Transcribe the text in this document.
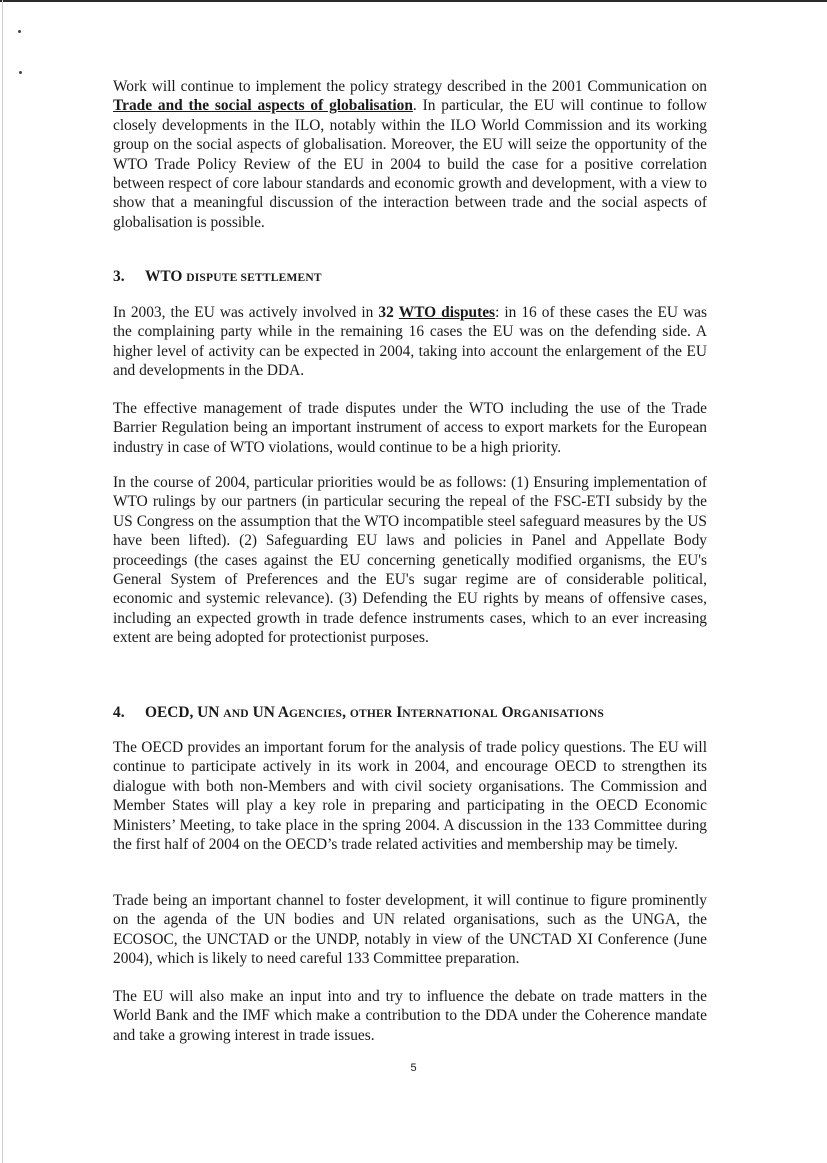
Work will continue to implement the policy strategy described in the 2001 Communication on Trade and the social aspects of globalisation. In particular, the EU will continue to follow closely developments in the ILO, notably within the ILO World Commission and its working group on the social aspects of globalisation. Moreover, the EU will seize the opportunity of the WTO Trade Policy Review of the EU in 2004 to build the case for a positive correlation between respect of core labour standards and economic growth and development, with a view to show that a meaningful discussion of the interaction between trade and the social aspects of globalisation is possible.

3. WTO DISPUTE SETTLEMENT

In 2003, the EU was actively involved in 32 WTO disputes: in 16 of these cases the EU was the complaining party while in the remaining 16 cases the EU was on the defending side. A higher level of activity can be expected in 2004, taking into account the enlargement of the EU and developments in the DDA.

The effective management of trade disputes under the WTO including the use of the Trade Barrier Regulation being an important instrument of access to export markets for the European industry in case of WTO violations, would continue to be a high priority.

In the course of 2004, particular priorities would be as follows: (1) Ensuring implementation of WTO rulings by our partners (in particular securing the repeal of the FSC-ETI subsidy by the US Congress on the assumption that the WTO incompatible steel safeguard measures by the US have been lifted). (2) Safeguarding EU laws and policies in Panel and Appellate Body proceedings (the cases against the EU concerning genetically modified organisms, the EU's General System of Preferences and the EU's sugar regime are of considerable political, economic and systemic relevance). (3) Defending the EU rights by means of offensive cases, including an expected growth in trade defence instruments cases, which to an ever increasing extent are being adopted for protectionist purposes.

4. OECD, UN AND UN AGENCIES, OTHER INTERNATIONAL ORGANISATIONS

The OECD provides an important forum for the analysis of trade policy questions. The EU will continue to participate actively in its work in 2004, and encourage OECD to strengthen its dialogue with both non-Members and with civil society organisations. The Commission and Member States will play a key role in preparing and participating in the OECD Economic Ministers’ Meeting, to take place in the spring 2004. A discussion in the 133 Committee during the first half of 2004 on the OECD’s trade related activities and membership may be timely.

Trade being an important channel to foster development, it will continue to figure prominently on the agenda of the UN bodies and UN related organisations, such as the UNGA, the ECOSOC, the UNCTAD or the UNDP, notably in view of the UNCTAD XI Conference (June 2004), which is likely to need careful 133 Committee preparation.

The EU will also make an input into and try to influence the debate on trade matters in the World Bank and the IMF which make a contribution to the DDA under the Coherence mandate and take a growing interest in trade issues.

5
